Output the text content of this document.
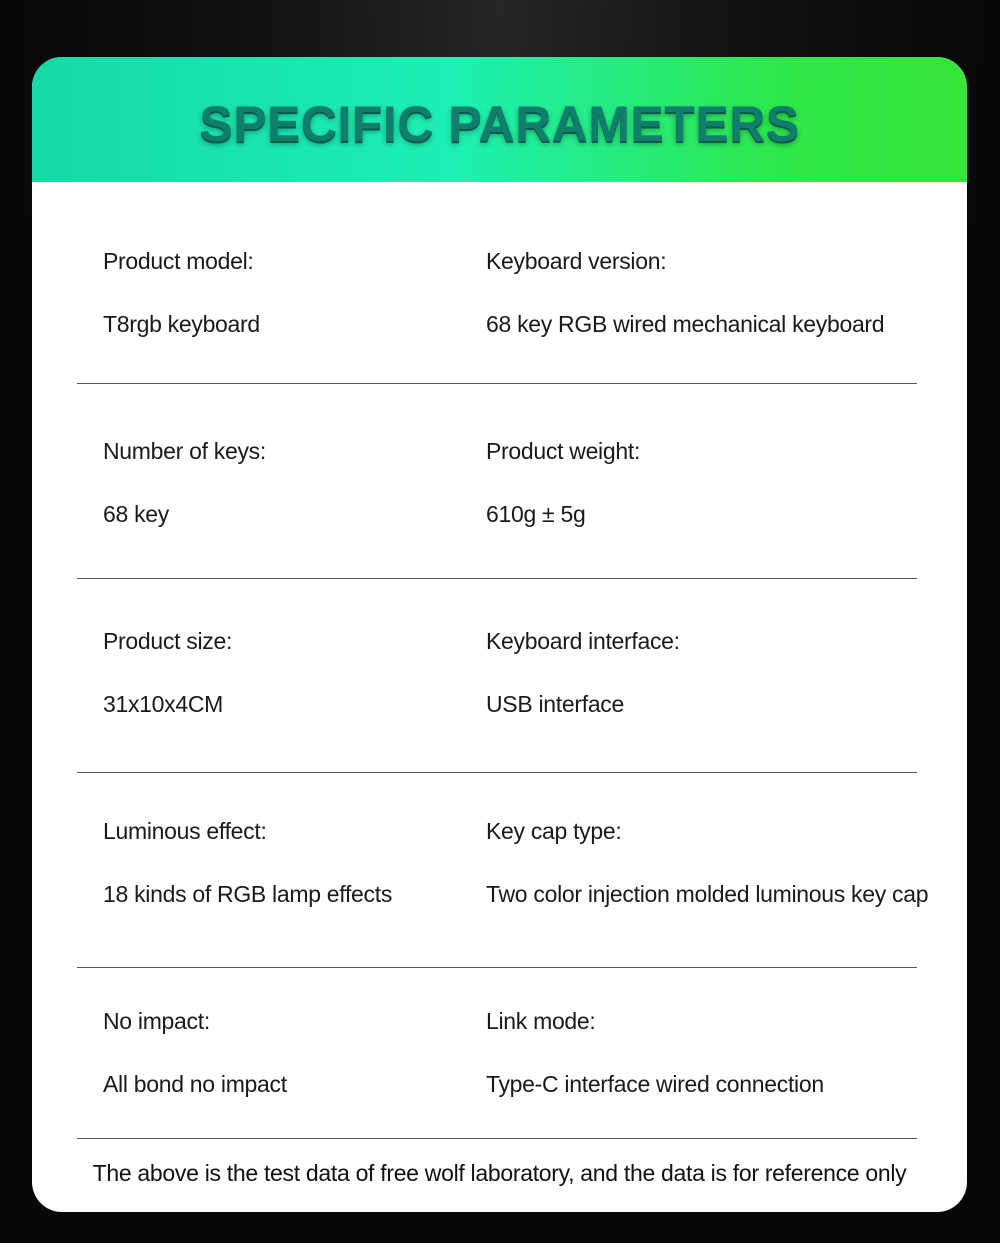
SPECIFIC PARAMETERS
Product model:
T8rgb keyboard
Keyboard version:
68 key RGB wired mechanical keyboard
Number of keys:
68 key
Product weight:
610g ± 5g
Product size:
31x10x4CM
Keyboard interface:
USB interface
Luminous effect:
18 kinds of RGB lamp effects
Key cap type:
Two color injection molded luminous key cap
No impact:
All bond no impact
Link mode:
Type-C interface wired connection
The above is the test data of free wolf laboratory, and the data is for reference only
